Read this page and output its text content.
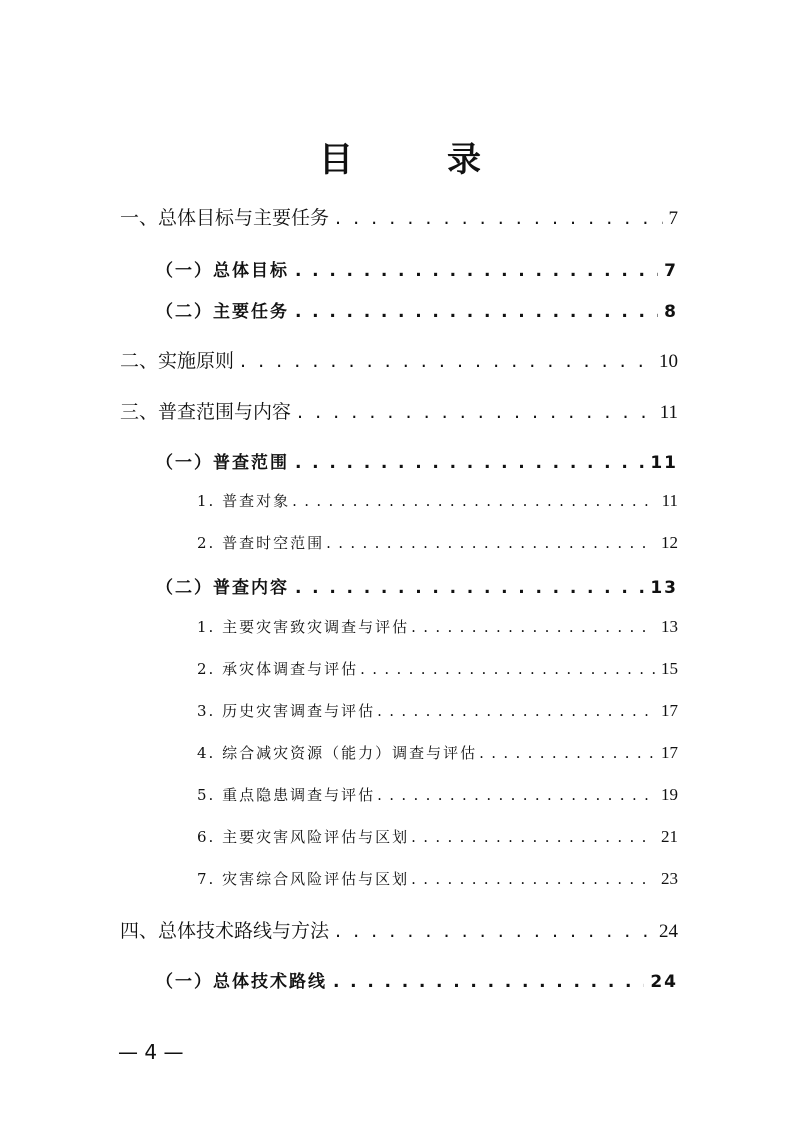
目　录
一、总体目标与主要任务 . . .	7
（一）总体目标 . . .	7
（二）主要任务 . . .	8
二、实施原则 . . .	10
三、普查范围与内容 . . .	11
（一）普查范围 . . .	11
1. 普查对象 . . .	11
2. 普查时空范围 . . .	12
（二）普查内容 . . .	13
1. 主要灾害致灾调查与评估 . . .	13
2. 承灾体调查与评估 . . .	15
3. 历史灾害调查与评估 . . .	17
4. 综合减灾资源（能力）调查与评估 . . .	17
5. 重点隐患调查与评估 . . .	19
6. 主要灾害风险评估与区划 . . .	21
7. 灾害综合风险评估与区划 . . .	23
四、总体技术路线与方法 . . .	24
（一）总体技术路线 . . .	24
— 4 —
